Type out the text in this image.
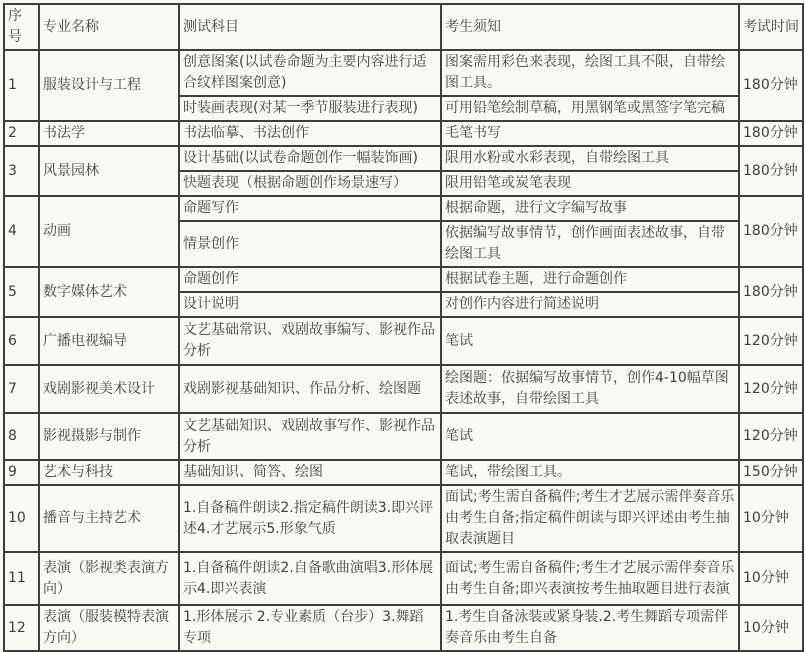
序号	专业名称	测试科目	考生须知	考试时间
1	服装设计与工程	创意图案(以试卷命题为主要内容进行适合纹样图案创意)	图案需用彩色来表现，绘图工具不限，自带绘图工具。	180分钟
		时装画表现(对某一季节服装进行表现)	可用铅笔绘制草稿，用黑钢笔或黑签字笔完稿	
2	书法学	书法临摹、书法创作	毛笔书写	180分钟
3	风景园林	设计基础(以试卷命题创作一幅装饰画)	限用水粉或水彩表现，自带绘图工具	180分钟
		快题表现（根据命题创作场景速写）	限用铅笔或炭笔表现	
4	动画	命题写作	根据命题，进行文字编写故事	180分钟
		情景创作	依据编写故事情节，创作画面表述故事，自带绘图工具	
5	数字媒体艺术	命题创作	根据试卷主题，进行命题创作	180分钟
		设计说明	对创作内容进行简述说明	
6	广播电视编导	文艺基础常识、戏剧故事编写、影视作品分析	笔试	120分钟
7	戏剧影视美术设计	戏剧影视基础知识、作品分析、绘图题	绘图题：依据编写故事情节，创作4-10幅草图表述故事，自带绘图工具	120分钟
8	影视摄影与制作	文艺基础知识、戏剧故事写作、影视作品分析	笔试	120分钟
9	艺术与科技	基础知识、简答、绘图	笔试，带绘图工具。	150分钟
10	播音与主持艺术	1.自备稿件朗读2.指定稿件朗读3.即兴评述4.才艺展示5.形象气质	面试;考生需自备稿件;考生才艺展示需伴奏音乐由考生自备;指定稿件朗读与即兴评述由考生抽取表演题目	10分钟
11	表演（影视类表演方向）	1.自备稿件朗读2.自备歌曲演唱3.形体展示4.即兴表演	面试;考生需自备稿件;考生才艺展示需伴奏音乐由考生自备;即兴表演按考生抽取题目进行表演	10分钟
12	表演（服装模特表演方向）	1.形体展示 2.专业素质（台步）3.舞蹈专项	1.考生自备泳装或紧身装.2.考生舞蹈专项需伴奏音乐由考生自备	10分钟
